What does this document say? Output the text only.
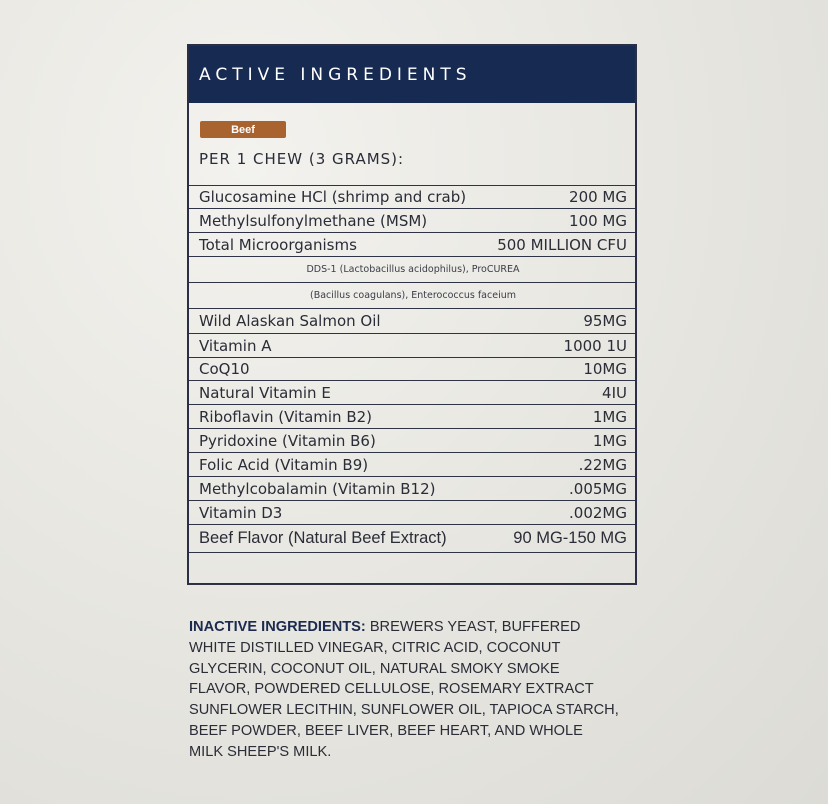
ACTIVE INGREDIENTS
Beef
PER 1 CHEW (3 GRAMS):
Glucosamine HCl (shrimp and crab)	200 MG
Methylsulfonylmethane (MSM)	100 MG
Total Microorganisms	500 MILLION CFU
DDS-1 (Lactobacillus acidophilus), ProCUREA
(Bacillus coagulans), Enterococcus faceium
Wild Alaskan Salmon Oil	95MG
Vitamin A	1000 1U
CoQ10	10MG
Natural Vitamin E	4IU
Riboflavin (Vitamin B2)	1MG
Pyridoxine (Vitamin B6)	1MG
Folic Acid (Vitamin B9)	.22MG
Methylcobalamin (Vitamin B12)	.005MG
Vitamin D3	.002MG
Beef Flavor (Natural Beef Extract)	90 MG-150 MG
INACTIVE INGREDIENTS: BREWERS YEAST, BUFFERED WHITE DISTILLED VINEGAR, CITRIC ACID, COCONUT GLYCERIN, COCONUT OIL, NATURAL SMOKY SMOKE FLAVOR, POWDERED CELLULOSE, ROSEMARY EXTRACT SUNFLOWER LECITHIN, SUNFLOWER OIL, TAPIOCA STARCH, BEEF POWDER, BEEF LIVER, BEEF HEART, AND WHOLE MILK SHEEP'S MILK.
